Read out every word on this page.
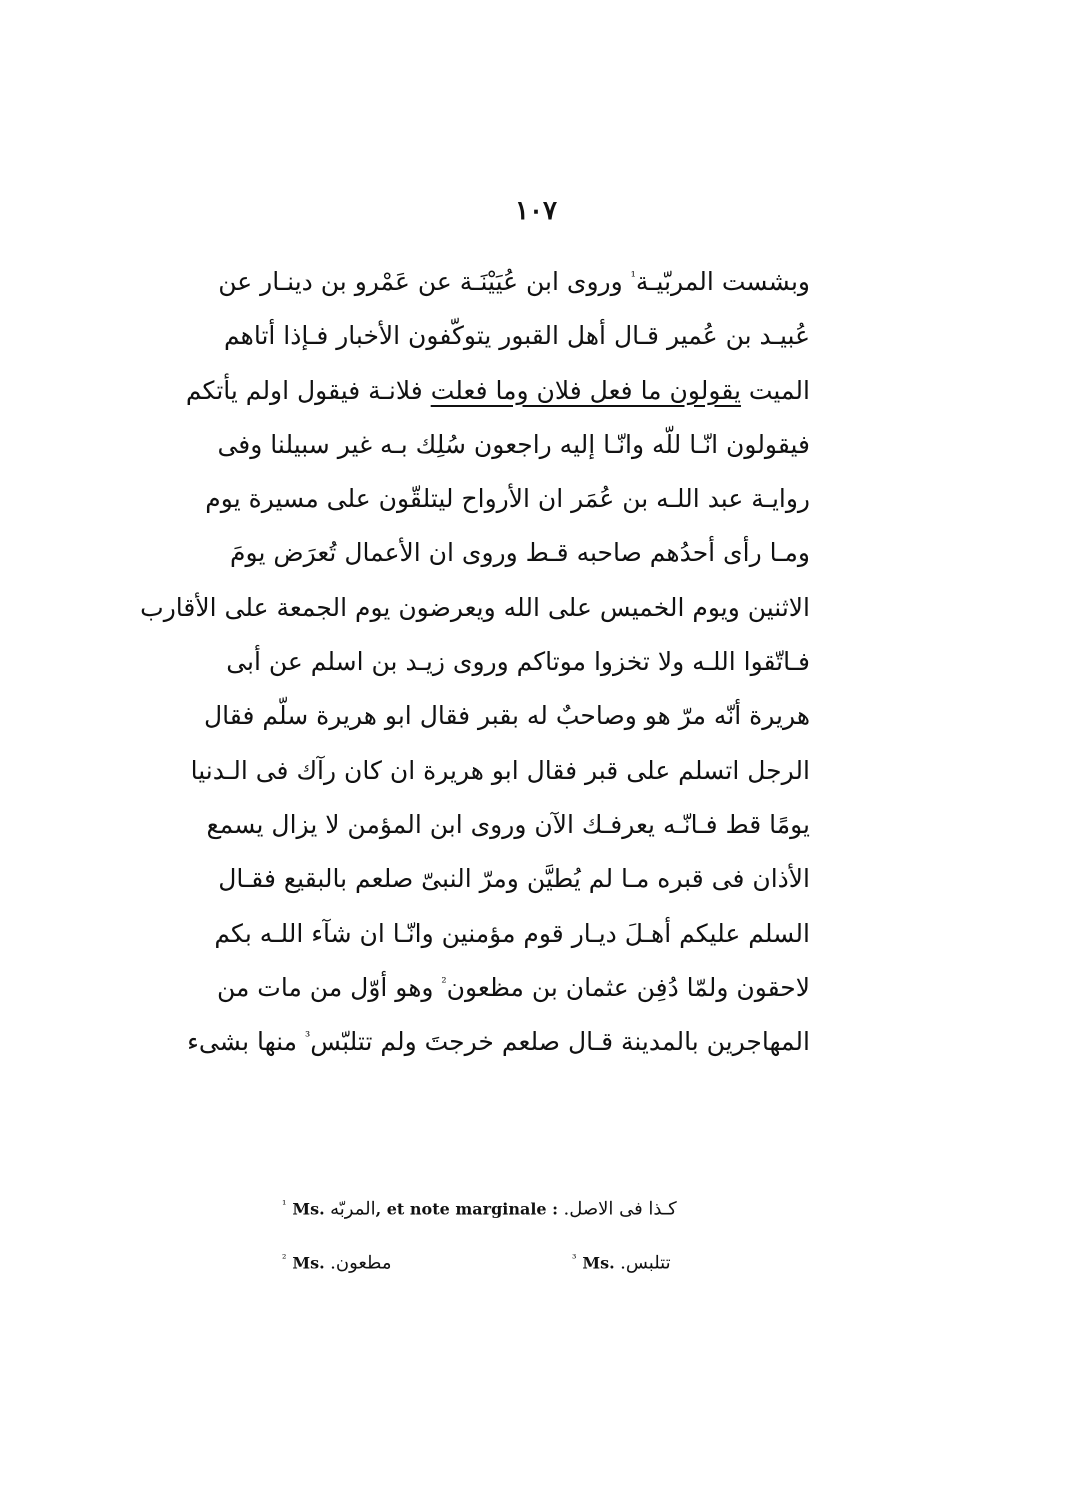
١٠٧
وبشست المربّيـة$^{^1}$ وروى ابن عُيَيْنَـة عن عَمْرو بن دينـار عن
عُبيـد بن عُمير قـال أهل القبور يتوكّفون الأخبار فـإذا أتاهم
الميت يقولون ما فعل فلان وما فعلت فلانـة فيقول اولم يأتكم
فيقولون انّـا للّه وانّـا إليه راجعون سُلِك بـه غير سبيلنا وفى
روايـة عبد اللـه بن عُمَر ان الأرواح ليتلقّون على مسيرة يوم
ومـا رأى أحدُهم صاحبه قـط وروى ان الأعمال تُعرَض يومَ
الاثنين ويوم الخميس على الله ويعرضون يوم الجمعة على الأقارب
فـاتّقوا اللـه ولا تخزوا موتاكم وروى زيـد بن اسلم عن أبى
هريرة أنّه مرّ هو وصاحبٌ له بقبر فقال ابو هريرة سلّم فقال
الرجل اتسلم على قبر فقال ابو هريرة ان كان رآك فى الـدنيا
يومًا قط فـانّـه يعرفـك الآن وروى ابن المؤمن لا يزال يسمع
الأذان فى قبره مـا لم يُطيَّن ومرّ النبىّ صلعم بالبقيع فقـال
السلم عليكم أهـلَ ديـار قوم مؤمنين وانّـا ان شآء اللـه بكم
لاحقون ولمّا دُفِن عثمان بن مظعون$^{^2}$ وهو أوّل من مات من
المهاجرين بالمدينة قـال صلعم خرجتَ ولم تتلبّس$^{^3}$ منها بشىء
$^{^1}$ Ms. المربّه, et note marginale : كـذا فى الاصل.
$^{^2}$ Ms. مطعون.	$^{^3}$ Ms. تتلبس.
